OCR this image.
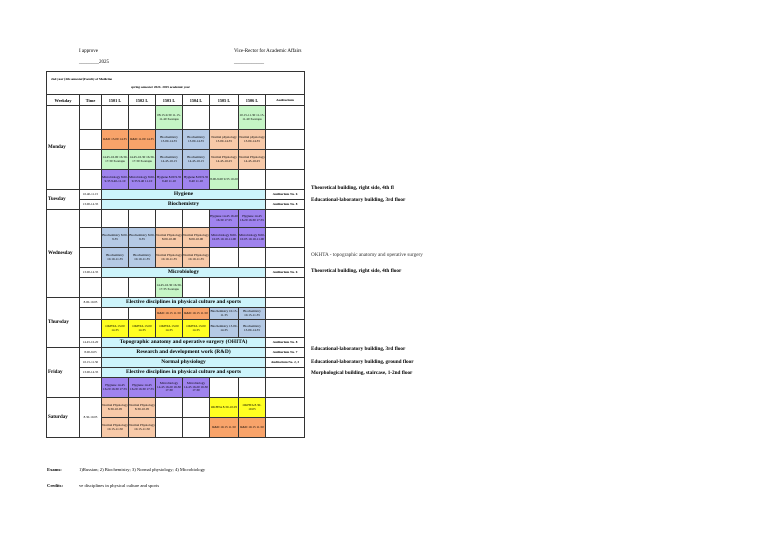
I approve
________2025
Vice-Rector for Academic Affairs
____________
2nd year (4th semester)Faculty of Medicine
spring semester 2024- 2025 academic year								

Weekday	Time	1501 L	1502 L	1503 L	1504 L	1505 L	1506 L	Auditorium
Monday				08.15-9.30 11.15-11.40 Зоопарк			10.15-11.30 11.15-11.40 Зоопарк	
		R&D 13.00 14.35	R&D 11.00 14.35	Biochemistry 13.00-14.35	Biochemistry 13.00-14.35	Normal physiology 13.00-14.35	Normal physiology 13.00-14.35	
		14.45-16.00 16.30-17.30 Зоопарк	14.45-16.30 16.30-17.30 Зоопарк	Biochemistry 14.45-16.15	Biochemistry 14.45-16.15	Normal Physiology 14.45-16.25	Normal Physiology 14.45-16.25	
		Microbiology 8.00-9.35 9.40-11.10	Microbiology 8.00-9.35 9.40 11.10	Hygiene 8.00 9.35 9.40 11.10	Hygiene 8.00 9.35 9.40 11.10	8.00-9.00 9.35 10.20		
Tuesday	10.40-11.15	Hygiene						Auditorium No. 6
	13.00-14.35	Biochemistry						Auditorium No. 8
Wednesday						Hygiene 14.45 16.20 16.30 17.55	Hygiene 14.45 16.20 16.30 17.55	
		Biochemistry 8.00-9.35	Biochemistry 8.00-9.35	Normal Physiology 8.00-10.00	Normal Physiology 8.00-10.00	Microbiology 8.00-10.05 10.10-11.00	Microbiology 8.00-10.05 10.10-11.00	
		Biochemistry 10.10-11.35	Biochemistry 10.10-11.35	Normal Physiology 10.10-11.35	Normal Physiology 10.10-11.35			
	13.00-14.35	Microbiology						Auditorium No. 6
				14.45-16.30 16.30-17.35 Зоопарк				
Thursday	8.00-10.05	Elective disciplines in physical culture and sports						
				R&D 10.15 11.50	R&D 10.15 11.50	Biochemistry 10.15-11.35	Biochemistry 10.15-11.35	
		OKHTA 13.00 14.35	OKHTA 13.00 14.35	OKHTA 13.00 14.35	OKHTA 13.00 14.35	Biochemistry 13.00-14.35	Biochemistry 13.00-14.35	
	14.45-16.20	Topographic anatomy and operative surgery (OHITA)						Auditorium No. 8
Friday	8.00-9.05	Research and development work (R&D)						Auditorium No. 7
	10.15-11.50	Normal physiology						Auditorium No. 2, 3
	13.00-14.35	Elective disciplines in physical culture and sports						
		Hygiene 14.45 16.20 16.30 17.55	Hygiene 14.45 16.20 16.30 17.55	Microbiology 14.45 16.20 16.30 17.30	Microbiology 14.45 16.20 16.30 17.30			
Saturday	8.30-10.05	Normal Physiology 8.30-10.05	Normal Physiology 8.30-10.05			OKHTA 8.30-10.05	OKHTA 8.30-10.05	
		Normal Physiology 10.15-11.50	Normal Physiology 10.15-11.50			R&D 10.15 11.50	R&D 10.15 11.50	
Theoretical building, right side, 4th fl
Educational-laboratory building, 3rd floor
OKHTA - topographic anatomy and operative surgery
Theoretical building, right side, 4th floor
Educational-laboratory building, 3rd floor
Educational-laboratory building, ground floor
Morphological building, staircase, 1-2nd floor
Exams:	1)Russian; 2) Biochemistry; 3) Normal physiology; 4) Microbiology
Credits:	ve disciplines in physical culture and sports
